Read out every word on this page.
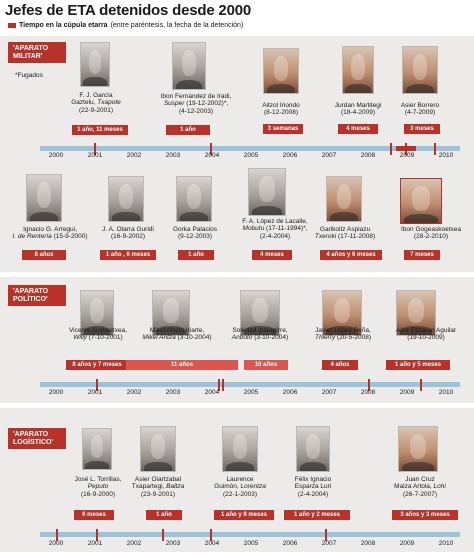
Jefes de ETA detenidos desde 2000
Tiempo en la cúpula etarra (entre paréntesis, la fecha de la detención)
'APARATO
MILITAR'
*Fugados
'APARATO
POLÍTICO'
'APARATO
LOGÍSTICO'
F. J. García
Gaztelu, Txapote
(22-9-2001)
1 año, 11 meses
Ibon Fernández de Iradi,
Susper (19-12-2002)*,
(4-12-2003)
1 año
Aitzol Iriondo
(8-12-2008)
3 semanas
Jurdan Martitegi
(18-4-2009)
4 meses
Asier Borrero
(4-7-2009)
3 meses
2000	2001	2002	2003	2004	2005	2006	2007	2008	2009	2010
Ignacio G. Arregui,
I. de Rentería (15-9-2000)
8 años
J. A. Olarra Guridi
(16-9-2002)
1 año , 6 meses
Gorka Palacios
(9-12-2003)
1 año
F. A. López de Lacalle,
Mobutu (17-11-1994)*,
(2-4-2004)
4 meses
Garikoitz Aspiazu
Txeroki (17-11-2008)
4 años y 6 meses
Ibon Gogeaskoetxea
(28-2-2010)
7 meses
Vicente Goikoetxea,
Willy (7-10-2001)
8 años y 7 meses
Mikel Albizu Iriarte,
Mikel Antza (3-10-2004)
11 años
Soledad Iparagirre,
Anboto (3-10-2004)
10 años
Javier López Peña,
Thierry (20-5-2008)
4 años
Aitor Elizaran Aguilar
(19-10-2009)
1 año y 5 meses
2000	2001	2002	2003	2004	2005	2006	2007	2008	2009	2010
José L. Torrillas,
Peputo
(16-9-2000)
6 meses
Asier Oiartzabal
Txapartegi, Baltza
(23-9-2001)
1 año
Laurence
Guimón, Lorentza
(22-1-2003)
1 año y 8 meses
Félix Ignacio
Esparza Luri
(2-4-2004)
1 año y 2 meses
Juan Cruz
Maiza Artola, Lohi
(26-7-2007)
3 años y 3 meses
2000	2001	2002	2003	2004	2005	2006	2007	2008	2009	2010
